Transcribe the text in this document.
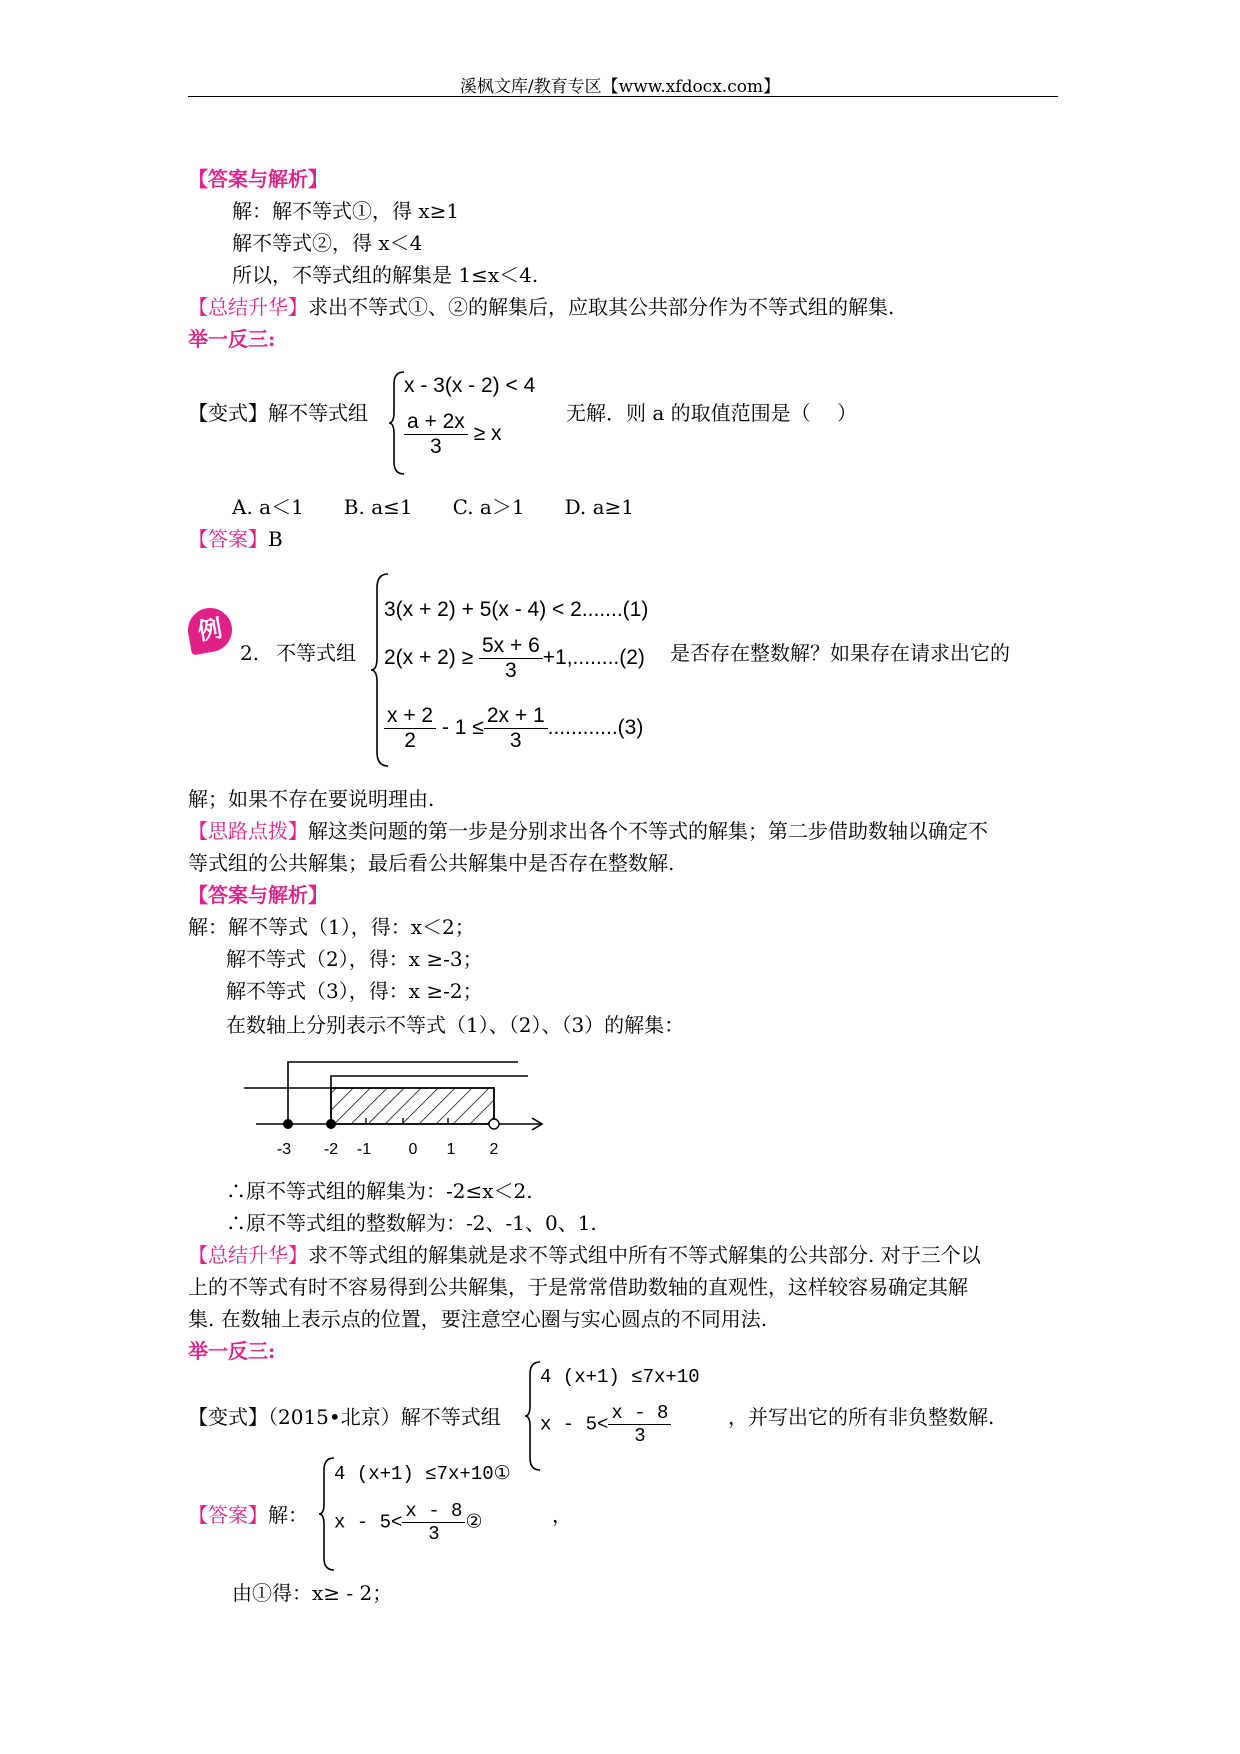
溪枫文库/教育专区【www.xfdocx.com】
【答案与解析】
解：解不等式①，得 x≥1
解不等式②，得 x＜4
所以，不等式组的解集是 1≤x＜4.
【总结升华】求出不等式①、②的解集后，应取其公共部分作为不等式组的解集.
举一反三:
【变式】解不等式组
x - 3(x - 2) < 4
$\frac{a + 2x}{3} \ge x$
无解．则 a 的取值范围是（　 ）
A. a＜1　　B. a≤1　　C. a＞1　　D. a≥1
【答案】B
例
2. 不等式组
3(x + 2) + 5(x - 4) < 2.......(1)
$2(x + 2) \ge \frac{5x + 6}{3} +1,........(2)$
$\frac{x + 2}{2} - 1 \le \frac{2x + 1}{3} ............(3)$
是否存在整数解？如果存在请求出它的
解；如果不存在要说明理由.
【思路点拨】解这类问题的第一步是分别求出各个不等式的解集；第二步借助数轴以确定不
等式组的公共解集；最后看公共解集中是否存在整数解.
【答案与解析】
解：解不等式（1），得：x＜2；
解不等式（2），得：x ≥-3；
解不等式（3），得：x ≥-2；
在数轴上分别表示不等式（1）、（2）、（3）的解集：
-3 -2 -1 0 1 2
∴原不等式组的解集为：-2≤x＜2.
∴原不等式组的整数解为：-2、-1、0、1.
【总结升华】求不等式组的解集就是求不等式组中所有不等式解集的公共部分. 对于三个以
上的不等式有时不容易得到公共解集，于是常常借助数轴的直观性，这样较容易确定其解
集. 在数轴上表示点的位置，要注意空心圈与实心圆点的不同用法.
举一反三:
【变式】（2015•北京）解不等式组
4 (x+1) ≤7x+10
$x - 5< \frac{x - 8}{3}$	，并写出它的所有非负整数解.
【答案】解：
4 (x+1) ≤7x+10①
$x - 5< \frac{x - 8}{3}$ ②	，
由①得：x≥ - 2；
